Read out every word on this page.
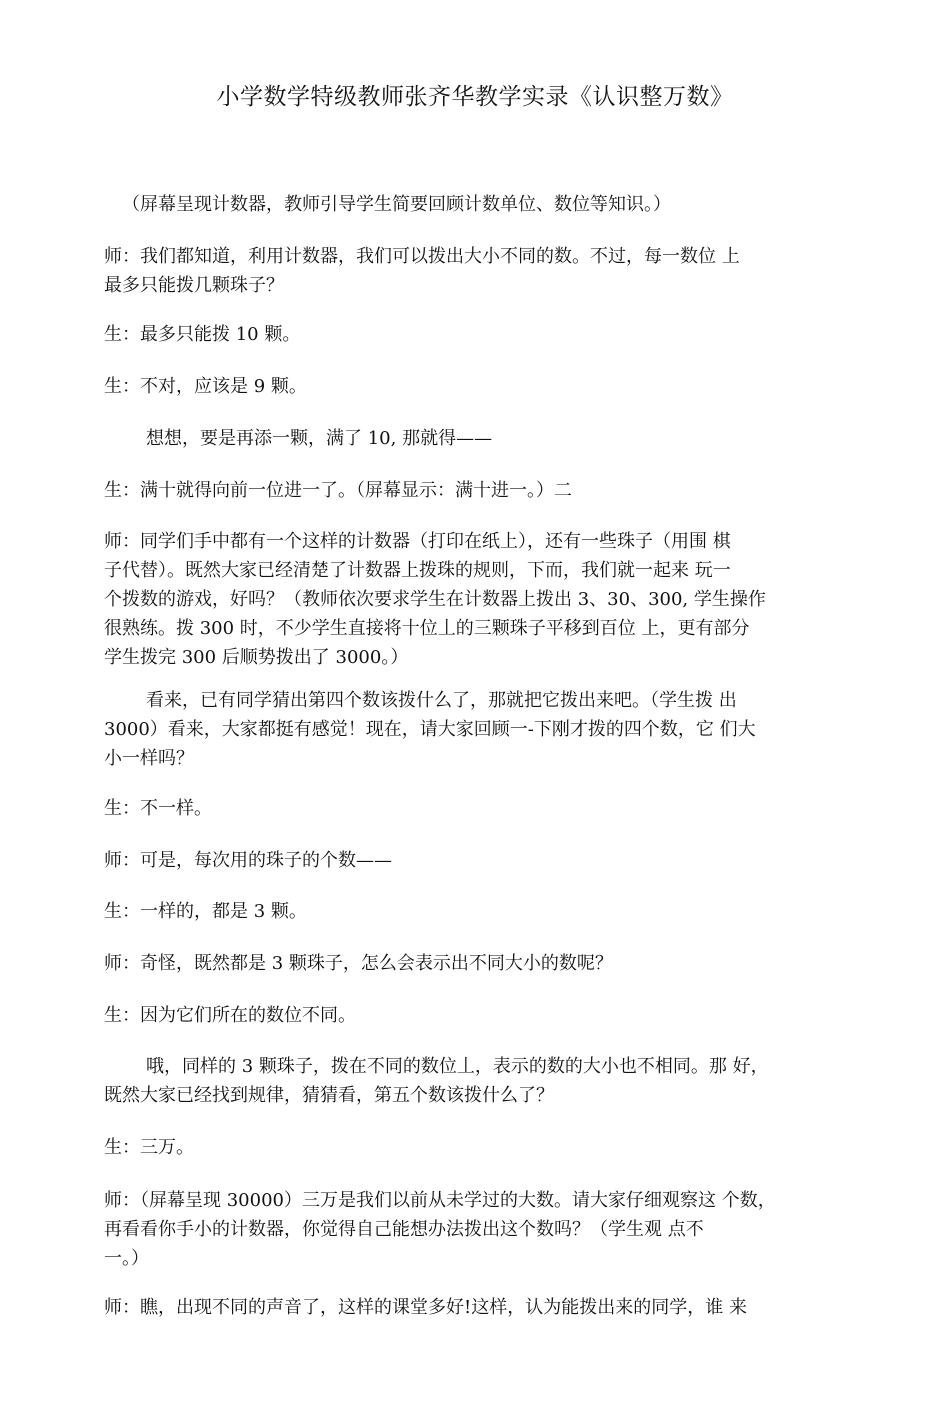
小学数学特级教师张齐华教学实录《认识整万数》

（屏幕呈现计数器，教师引导学生简要回顾计数单位、数位等知识。）

师：我们都知道，利用计数器，我们可以拨出大小不同的数。不过，每一数位 上
最多只能拨几颗珠子？

生：最多只能拨 10 颗。

生：不对，应该是 9 颗。

想想，要是再添一颗，满了 10, 那就得——

生：满十就得向前一位进一了。（屏幕显示：满十进一。）二

师：同学们手中都有一个这样的计数器（打印在纸上），还有一些珠子（用围 棋
子代替）。既然大家已经清楚了计数器上拨珠的规则，下而，我们就一起来 玩一
个拨数的游戏，好吗？（教师依次要求学生在计数器上拨出 3、30、300, 学生操作
很熟练。拨 300 时，不少学生直接将十位丄的三颗珠子平移到百位 上，更有部分
学生拨完 300 后顺势拨出了 3000。）

看来，已有同学猜出第四个数该拨什么了，那就把它拨出来吧。（学生拨 出
3000）看来，大家都挺有感觉！现在，请大家回顾一-下刚才拨的四个数，它 们大
小一样吗？

生：不一样。

师：可是，每次用的珠子的个数——

生：一样的，都是 3 颗。

师：奇怪，既然都是 3 颗珠子，怎么会表示出不同大小的数呢？

生：因为它们所在的数位不同。

哦，同样的 3 颗珠子，拨在不同的数位丄，表示的数的大小也不相同。那 好，
既然大家已经找到规律，猜猜看，第五个数该拨什么了？

生：三万。

师：（屏幕呈现 30000）三万是我们以前从未学过的大数。请大家仔细观察这 个数，
再看看你手小的计数器，你觉得自己能想办法拨出这个数吗？（学生观 点不
一。）

师：瞧，出现不同的声音了，这样的课堂多好!这样，认为能拨出来的同学，谁 来
